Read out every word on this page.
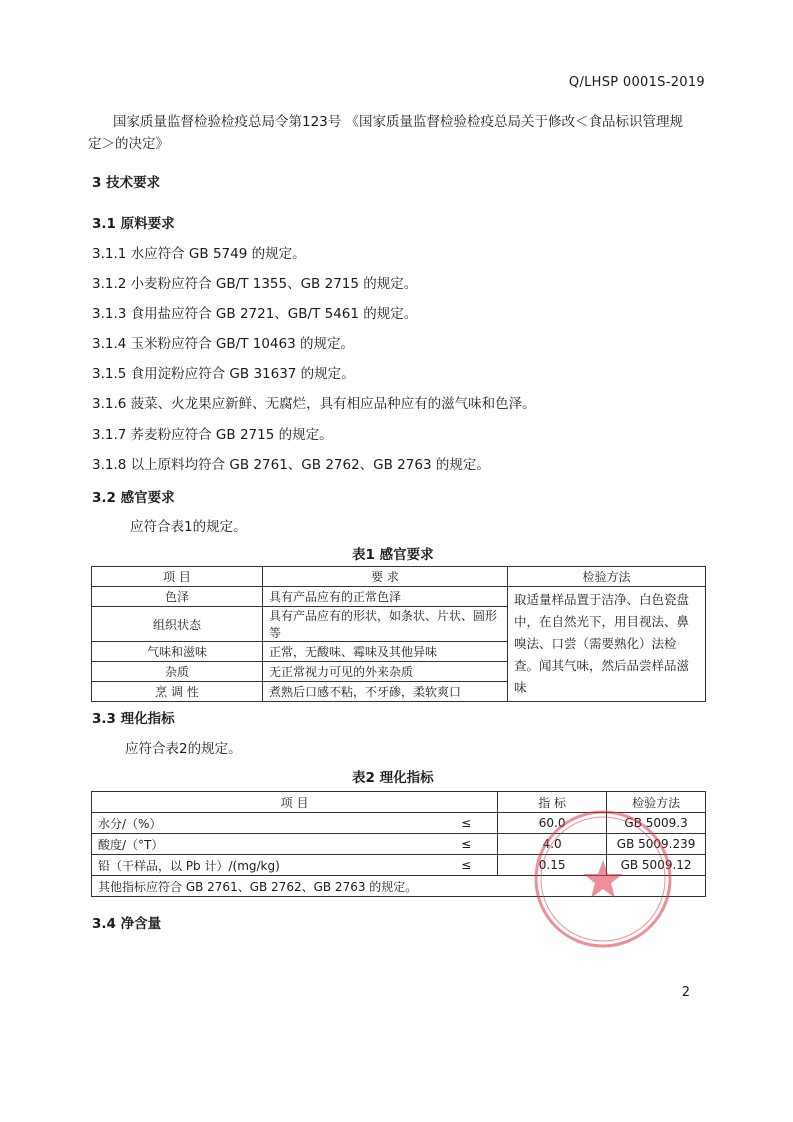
Q/LHSP 0001S-2019
国家质量监督检验检疫总局令第123号 《国家质量监督检验检疫总局关于修改＜食品标识管理规
定＞的决定》
3 技术要求
3.1 原料要求
3.1.1 水应符合 GB 5749 的规定。
3.1.2 小麦粉应符合 GB/T 1355、GB 2715 的规定。
3.1.3 食用盐应符合 GB 2721、GB/T 5461 的规定。
3.1.4 玉米粉应符合 GB/T 10463 的规定。
3.1.5 食用淀粉应符合 GB 31637 的规定。
3.1.6 菠菜、火龙果应新鲜、无腐烂，具有相应品种应有的滋气味和色泽。
3.1.7 荞麦粉应符合 GB 2715 的规定。
3.1.8 以上原料均符合 GB 2761、GB 2762、GB 2763 的规定。
3.2 感官要求
应符合表1的规定。
表1 感官要求
项 目	要 求	检验方法
色泽	具有产品应有的正常色泽	取适量样品置于洁净、白色瓷盘中，在自然光下，用目视法、鼻嗅法、口尝（需要熟化）法检查。闻其气味，然后品尝样品滋味
组织状态	具有产品应有的形状，如条状、片状、圆形等	
气味和滋味	正常，无酸味、霉味及其他异味	
杂质	无正常视力可见的外来杂质	
烹 调 性	煮熟后口感不粘，不牙碜，柔软爽口	
3.3 理化指标
应符合表2的规定。
表2 理化指标
项 目		指 标	检验方法
水分/（%）	≤	60.0	GB 5009.3
酸度/（°T）	≤	4.0	GB 5009.239
铅（干样品，以 Pb 计）/(mg/kg)	≤	0.15	GB 5009.12
其他指标应符合 GB 2761、GB 2762、GB 2763 的规定。			
3.4 净含量
2
